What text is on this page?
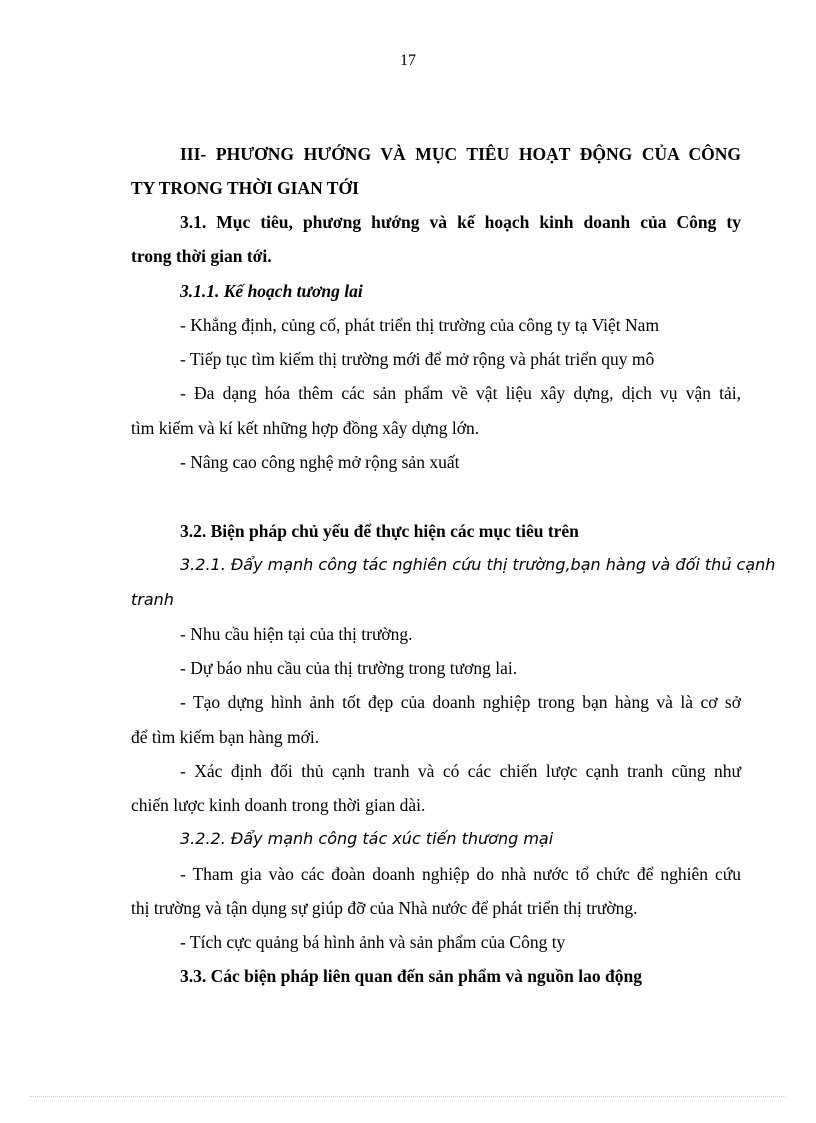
17
III- PHƯƠNG HƯỚNG VÀ MỤC TIÊU HOẠT ĐỘNG CỦA CÔNG
TY TRONG THỜI GIAN TỚI
3.1. Mục tiêu, phương hướng và kế hoạch kinh doanh của Công ty
trong thời gian tới.
3.1.1. Kế hoạch tương lai
- Khẳng định, củng cố, phát triển thị trường của công ty tạ Việt Nam
- Tiếp tục tìm kiếm thị trường mới để mở rộng và phát triển quy mô
- Đa dạng hóa thêm các sản phẩm về vật liệu xây dựng, dịch vụ vận tải,
tìm kiếm và kí kết những hợp đồng xây dựng lớn.
- Nâng cao công nghệ mở rộng sản xuất
3.2. Biện pháp chủ yếu để thực hiện các mục tiêu trên
3.2.1. Đẩy mạnh công tác nghiên cứu thị trường,bạn hàng và đối thủ cạnh
tranh
- Nhu cầu hiện tại của thị trường.
- Dự báo nhu cầu của thị trường trong tương lai.
- Tạo dựng hình ảnh tốt đẹp của doanh nghiệp trong bạn hàng và là cơ sở
để tìm kiếm bạn hàng mới.
- Xác định đối thủ cạnh tranh và có các chiến lược cạnh tranh cũng như
chiến lược kinh doanh trong thời gian dài.
3.2.2. Đẩy mạnh công tác xúc tiến thương mại
- Tham gia vào các đoàn doanh nghiệp do nhà nước tổ chức để nghiên cứu
thị trường và tận dụng sự giúp đỡ của Nhà nước để phát triển thị trường.
- Tích cực quảng bá hình ảnh và sản phẩm của Công ty
3.3. Các biện pháp liên quan đến sản phẩm và nguồn lao động
